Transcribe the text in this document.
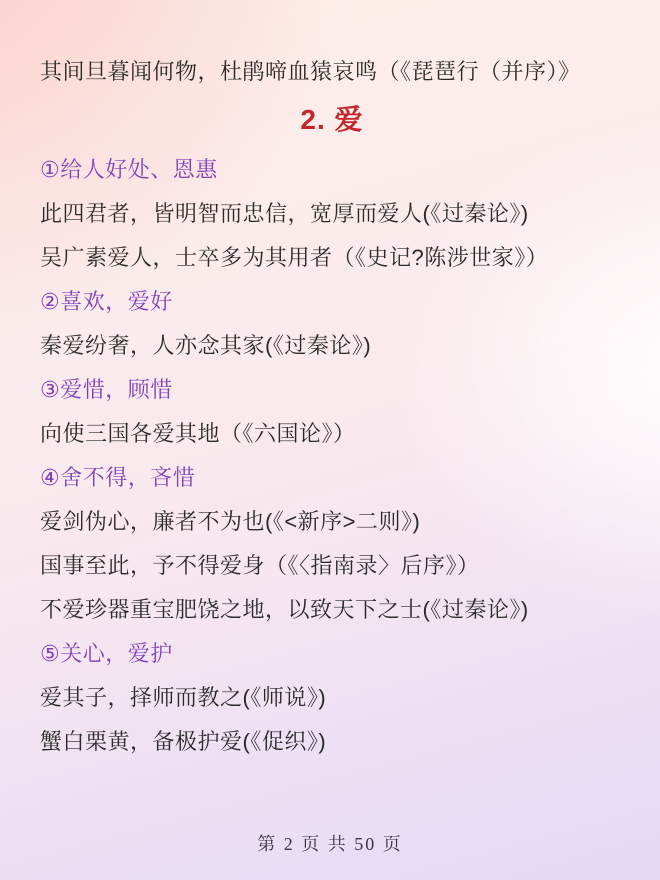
其间旦暮闻何物，杜鹃啼血猿哀鸣（《琵琶行（并序）》
2. 爱
①给人好处、恩惠
此四君者，皆明智而忠信，宽厚而爱人(《过秦论》)
吴广素爱人，士卒多为其用者（《史记?陈涉世家》）
②喜欢，爱好
秦爱纷奢，人亦念其家(《过秦论》)
③爱惜，顾惜
向使三国各爱其地（《六国论》）
④舍不得，吝惜
爱剑伪心，廉者不为也(《<新序>二则》)
国事至此，予不得爱身（《〈指南录〉后序》）
不爱珍器重宝肥饶之地，以致天下之士(《过秦论》)
⑤关心，爱护
爱其子，择师而教之(《师说》)
蟹白栗黄，备极护爱(《促织》)
第 2 页 共 50 页
